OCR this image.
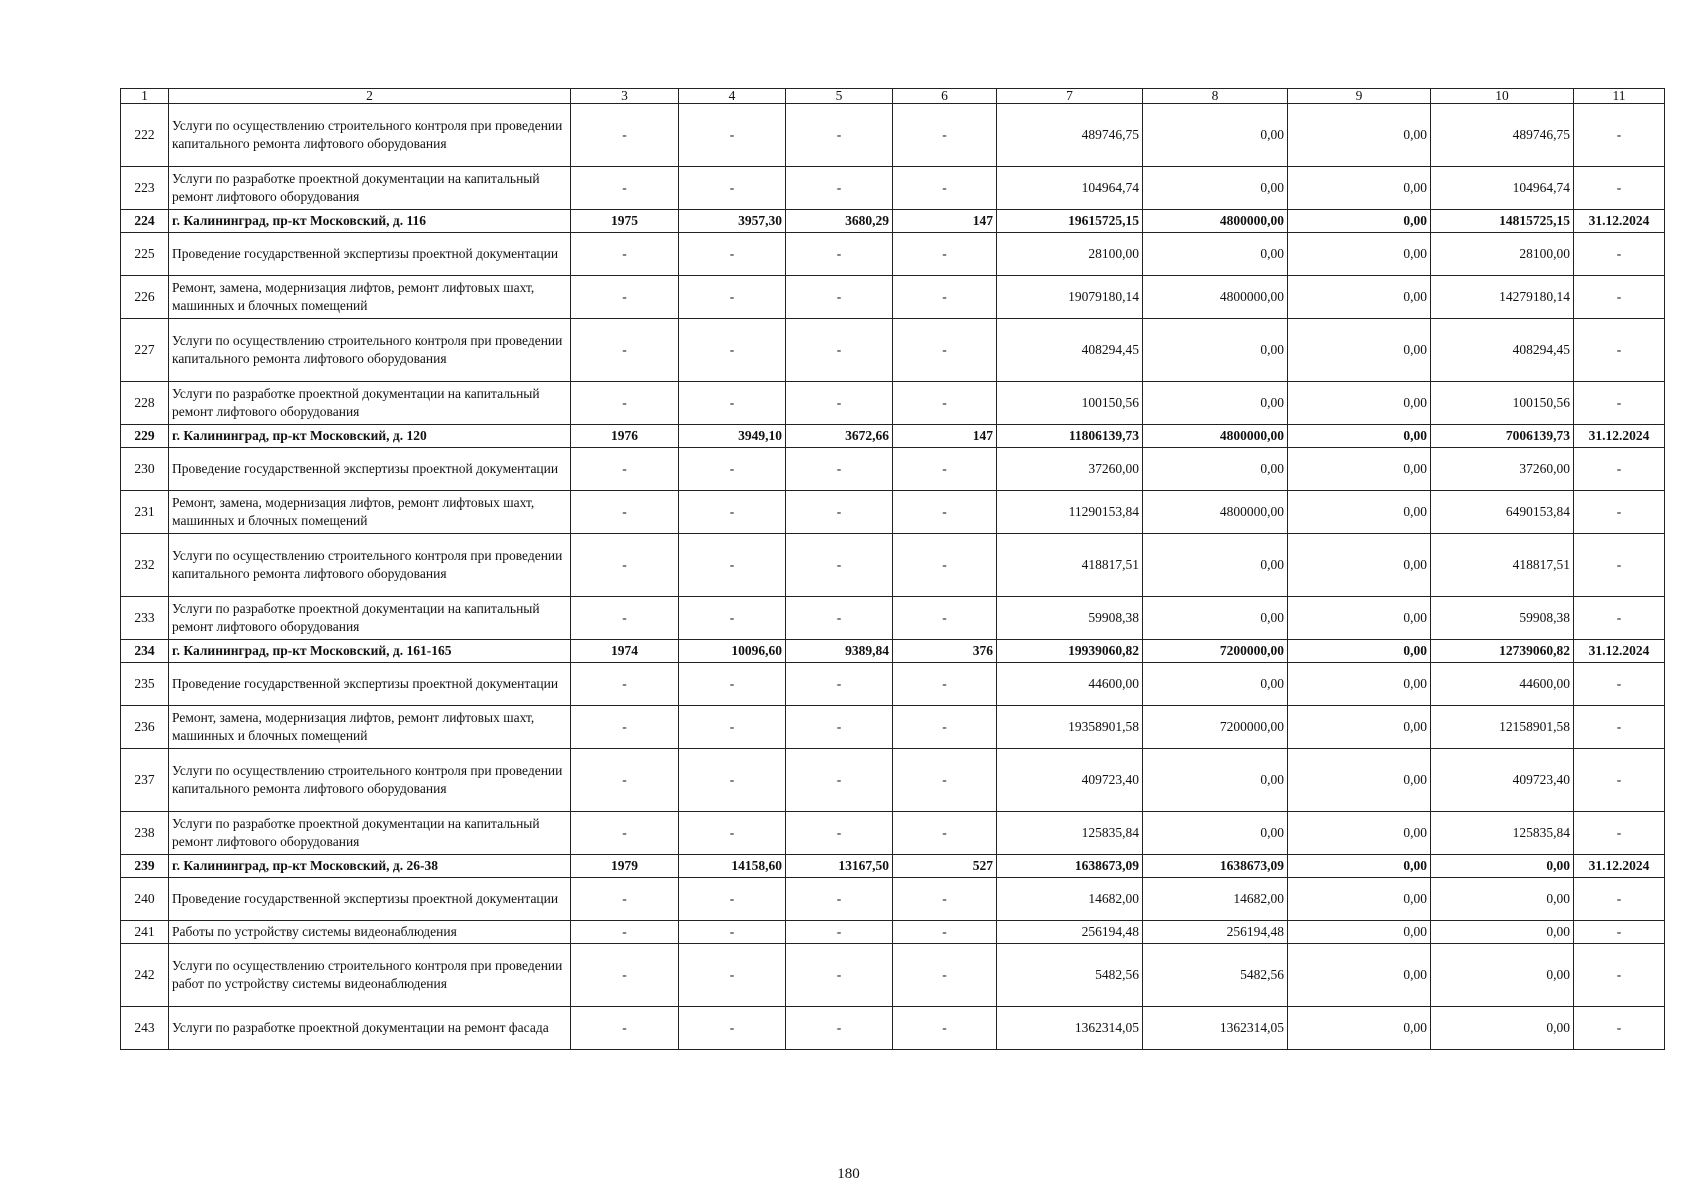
1	2	3	4	5	6	7	8	9	10	11
222	Услуги по осуществлению строительного контроля при проведении капитального ремонта лифтового оборудования	-	-	-	-	489746,75	0,00	0,00	489746,75	-
223	Услуги по разработке проектной документации на капитальный ремонт лифтового оборудования	-	-	-	-	104964,74	0,00	0,00	104964,74	-
224	г. Калининград, пр-кт Московский, д. 116	1975	3957,30	3680,29	147	19615725,15	4800000,00	0,00	14815725,15	31.12.2024
225	Проведение государственной экспертизы проектной документации	-	-	-	-	28100,00	0,00	0,00	28100,00	-
226	Ремонт, замена, модернизация лифтов, ремонт лифтовых шахт, машинных и блочных помещений	-	-	-	-	19079180,14	4800000,00	0,00	14279180,14	-
227	Услуги по осуществлению строительного контроля при проведении капитального ремонта лифтового оборудования	-	-	-	-	408294,45	0,00	0,00	408294,45	-
228	Услуги по разработке проектной документации на капитальный ремонт лифтового оборудования	-	-	-	-	100150,56	0,00	0,00	100150,56	-
229	г. Калининград, пр-кт Московский, д. 120	1976	3949,10	3672,66	147	11806139,73	4800000,00	0,00	7006139,73	31.12.2024
230	Проведение государственной экспертизы проектной документации	-	-	-	-	37260,00	0,00	0,00	37260,00	-
231	Ремонт, замена, модернизация лифтов, ремонт лифтовых шахт, машинных и блочных помещений	-	-	-	-	11290153,84	4800000,00	0,00	6490153,84	-
232	Услуги по осуществлению строительного контроля при проведении капитального ремонта лифтового оборудования	-	-	-	-	418817,51	0,00	0,00	418817,51	-
233	Услуги по разработке проектной документации на капитальный ремонт лифтового оборудования	-	-	-	-	59908,38	0,00	0,00	59908,38	-
234	г. Калининград, пр-кт Московский, д. 161-165	1974	10096,60	9389,84	376	19939060,82	7200000,00	0,00	12739060,82	31.12.2024
235	Проведение государственной экспертизы проектной документации	-	-	-	-	44600,00	0,00	0,00	44600,00	-
236	Ремонт, замена, модернизация лифтов, ремонт лифтовых шахт, машинных и блочных помещений	-	-	-	-	19358901,58	7200000,00	0,00	12158901,58	-
237	Услуги по осуществлению строительного контроля при проведении капитального ремонта лифтового оборудования	-	-	-	-	409723,40	0,00	0,00	409723,40	-
238	Услуги по разработке проектной документации на капитальный ремонт лифтового оборудования	-	-	-	-	125835,84	0,00	0,00	125835,84	-
239	г. Калининград, пр-кт Московский, д. 26-38	1979	14158,60	13167,50	527	1638673,09	1638673,09	0,00	0,00	31.12.2024
240	Проведение государственной экспертизы проектной документации	-	-	-	-	14682,00	14682,00	0,00	0,00	-
241	Работы по устройству системы видеонаблюдения	-	-	-	-	256194,48	256194,48	0,00	0,00	-
242	Услуги по осуществлению строительного контроля при проведении работ по устройству системы видеонаблюдения	-	-	-	-	5482,56	5482,56	0,00	0,00	-
243	Услуги по разработке проектной документации на ремонт фасада	-	-	-	-	1362314,05	1362314,05	0,00	0,00	-
180
